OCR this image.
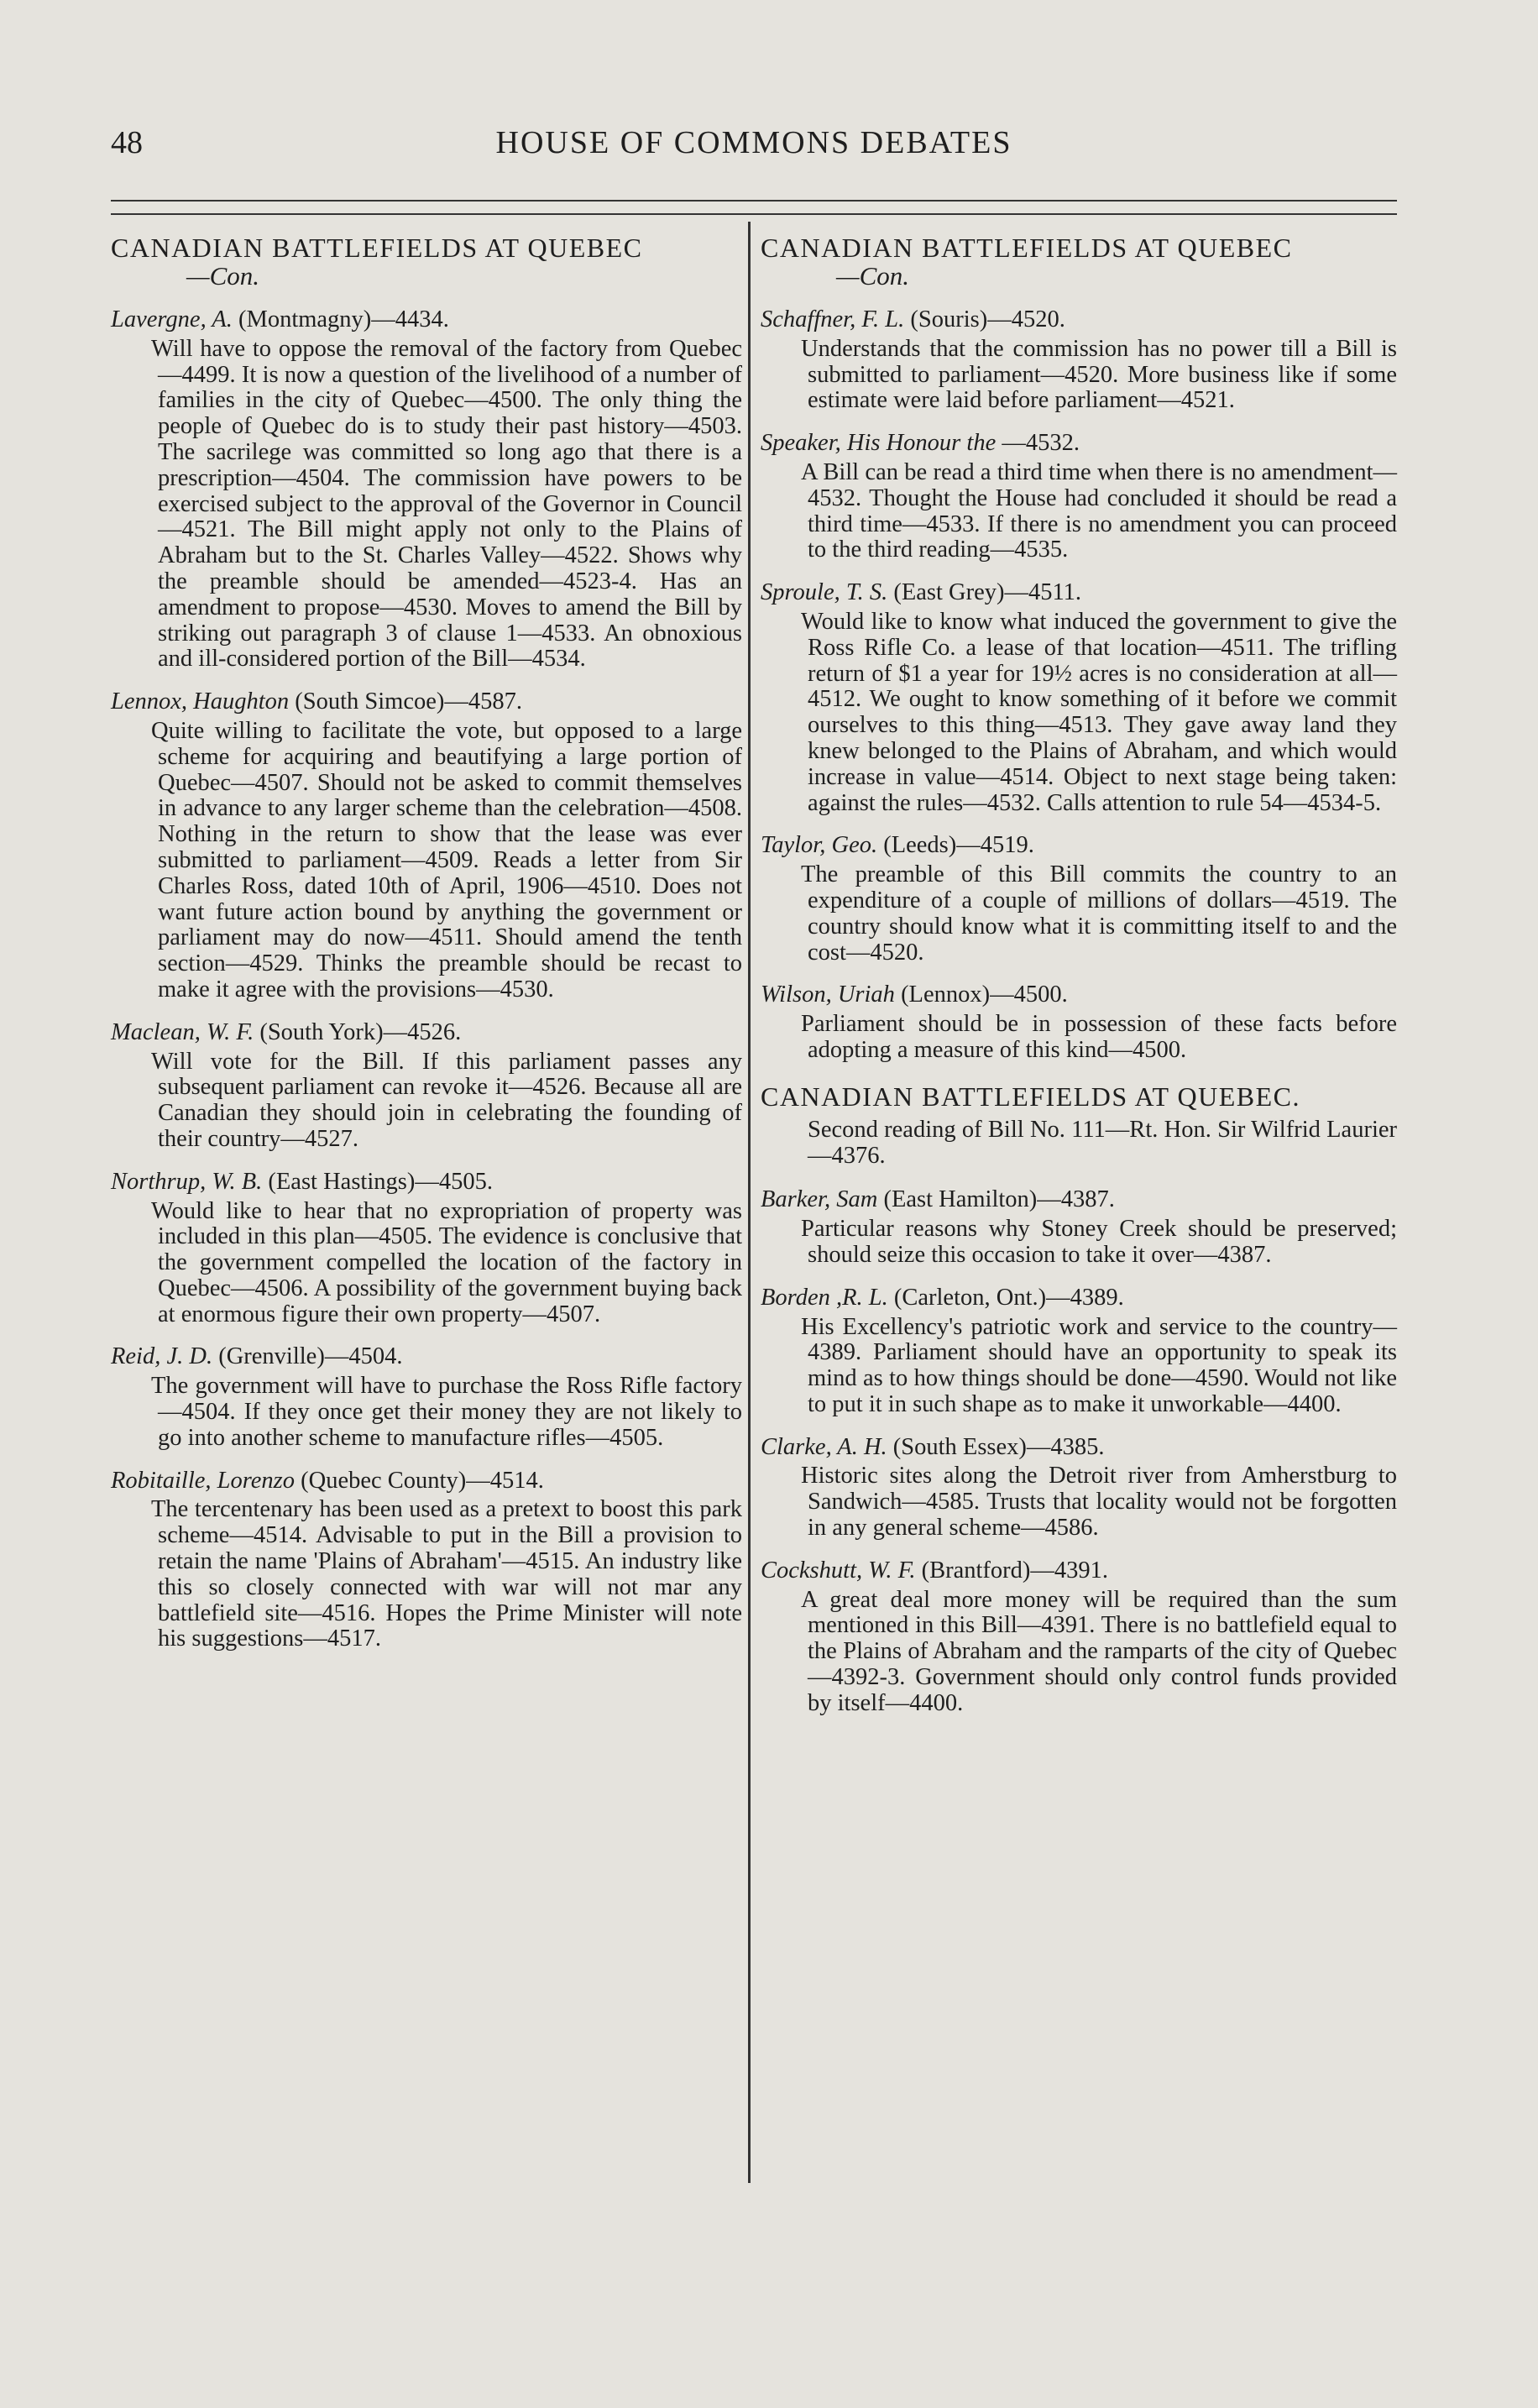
48	HOUSE OF COMMONS DEBATES

CANADIAN BATTLEFIELDS AT QUEBEC

—Con.

Lavergne, A. (Montmagny)—4434.

Will have to oppose the removal of the factory from Quebec—4499. It is now a question of the livelihood of a number of families in the city of Quebec—4500. The only thing the people of Quebec do is to study their past history—4503. The sacrilege was committed so long ago that there is a prescription—4504. The commission have powers to be exercised subject to the approval of the Governor in Council—4521. The Bill might apply not only to the Plains of Abraham but to the St. Charles Valley—4522. Shows why the preamble should be amended—4523-4. Has an amendment to propose—4530. Moves to amend the Bill by striking out paragraph 3 of clause 1—4533. An obnoxious and ill-considered portion of the Bill—4534.

Lennox, Haughton (South Simcoe)—4587.

Quite willing to facilitate the vote, but opposed to a large scheme for acquiring and beautifying a large portion of Quebec—4507. Should not be asked to commit themselves in advance to any larger scheme than the celebration—4508. Nothing in the return to show that the lease was ever submitted to parliament—4509. Reads a letter from Sir Charles Ross, dated 10th of April, 1906—4510. Does not want future action bound by anything the government or parliament may do now—4511. Should amend the tenth section—4529. Thinks the preamble should be recast to make it agree with the provisions—4530.

Maclean, W. F. (South York)—4526.

Will vote for the Bill. If this parliament passes any subsequent parliament can revoke it—4526. Because all are Canadian they should join in celebrating the founding of their country—4527.

Northrup, W. B. (East Hastings)—4505.

Would like to hear that no expropriation of property was included in this plan—4505. The evidence is conclusive that the government compelled the location of the factory in Quebec—4506. A possibility of the government buying back at enormous figure their own property—4507.

Reid, J. D. (Grenville)—4504.

The government will have to purchase the Ross Rifle factory—4504. If they once get their money they are not likely to go into another scheme to manufacture rifles—4505.

Robitaille, Lorenzo (Quebec County)—4514.

The tercentenary has been used as a pretext to boost this park scheme—4514. Advisable to put in the Bill a provision to retain the name 'Plains of Abraham'—4515. An industry like this so closely connected with war will not mar any battlefield site—4516. Hopes the Prime Minister will note his suggestions—4517.

CANADIAN BATTLEFIELDS AT QUEBEC

—Con.

Schaffner, F. L. (Souris)—4520.

Understands that the commission has no power till a Bill is submitted to parliament—4520. More business like if some estimate were laid before parliament—4521.

Speaker, His Honour the —4532.

A Bill can be read a third time when there is no amendment—4532. Thought the House had concluded it should be read a third time—4533. If there is no amendment you can proceed to the third reading—4535.

Sproule, T. S. (East Grey)—4511.

Would like to know what induced the government to give the Ross Rifle Co. a lease of that location—4511. The trifling return of $1 a year for 19½ acres is no consideration at all—4512. We ought to know something of it before we commit ourselves to this thing—4513. They gave away land they knew belonged to the Plains of Abraham, and which would increase in value—4514. Object to next stage being taken: against the rules—4532. Calls attention to rule 54—4534-5.

Taylor, Geo. (Leeds)—4519.

The preamble of this Bill commits the country to an expenditure of a couple of millions of dollars—4519. The country should know what it is committing itself to and the cost—4520.

Wilson, Uriah (Lennox)—4500.

Parliament should be in possession of these facts before adopting a measure of this kind—4500.

CANADIAN BATTLEFIELDS AT QUEBEC.

Second reading of Bill No. 111—Rt. Hon. Sir Wilfrid Laurier—4376.

Barker, Sam (East Hamilton)—4387.

Particular reasons why Stoney Creek should be preserved; should seize this occasion to take it over—4387.

Borden ,R. L. (Carleton, Ont.)—4389.

His Excellency's patriotic work and service to the country—4389. Parliament should have an opportunity to speak its mind as to how things should be done—4590. Would not like to put it in such shape as to make it unworkable—4400.

Clarke, A. H. (South Essex)—4385.

Historic sites along the Detroit river from Amherstburg to Sandwich—4585. Trusts that locality would not be forgotten in any general scheme—4586.

Cockshutt, W. F. (Brantford)—4391.

A great deal more money will be required than the sum mentioned in this Bill—4391. There is no battlefield equal to the Plains of Abraham and the ramparts of the city of Quebec—4392-3. Government should only control funds provided by itself—4400.
